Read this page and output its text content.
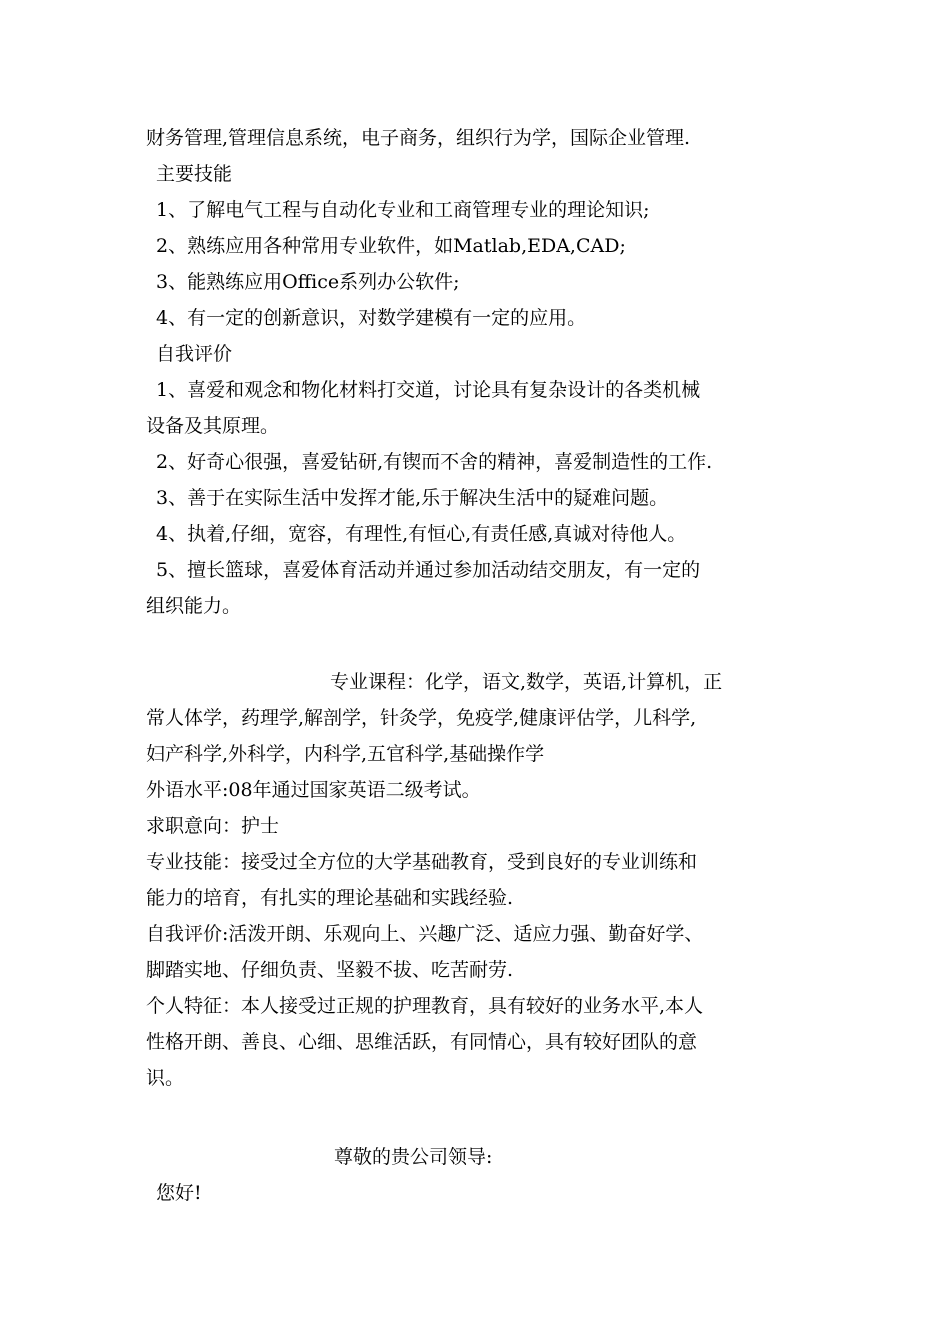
财务管理,管理信息系统，电子商务，组织行为学，国际企业管理.
主要技能
1、了解电气工程与自动化专业和工商管理专业的理论知识;
2、熟练应用各种常用专业软件，如Matlab,EDA,CAD;
3、能熟练应用Office系列办公软件;
4、有一定的创新意识，对数学建模有一定的应用。
自我评价
1、喜爱和观念和物化材料打交道，讨论具有复杂设计的各类机械
设备及其原理。
2、好奇心很强，喜爱钻研,有锲而不舍的精神，喜爱制造性的工作.
3、善于在实际生活中发挥才能,乐于解决生活中的疑难问题。
4、执着,仔细，宽容，有理性,有恒心,有责任感,真诚对待他人。
5、擅长篮球，喜爱体育活动并通过参加活动结交朋友，有一定的
组织能力。
专业课程：化学，语文,数学，英语,计算机，正
常人体学，药理学,解剖学，针灸学，免疫学,健康评估学，儿科学,
妇产科学,外科学，内科学,五官科学,基础操作学
外语水平:08年通过国家英语二级考试。
求职意向：护士
专业技能：接受过全方位的大学基础教育，受到良好的专业训练和
能力的培育，有扎实的理论基础和实践经验.
自我评价:活泼开朗、乐观向上、兴趣广泛、适应力强、勤奋好学、
脚踏实地、仔细负责、坚毅不拔、吃苦耐劳.
个人特征：本人接受过正规的护理教育，具有较好的业务水平,本人
性格开朗、善良、心细、思维活跃，有同情心，具有较好团队的意
识。
尊敬的贵公司领导:
您好!
